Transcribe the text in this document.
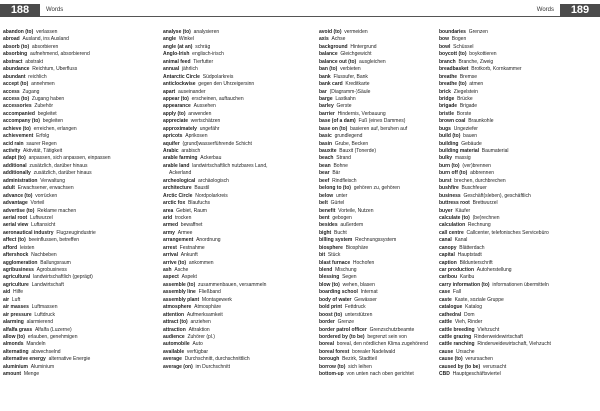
188	Words
abandon (to) verlassen
abroad Ausland, ins Ausland
absorb (to) absorbieren
absorbing aufnehmend, absorbierend
abstract abstrakt
abundance Reichtum, Überfluss
abundant reichlich
accept (to) annehmen
access Zugang
access (to) Zugang haben
accessories Zubehör
accompanied begleitet
accompany (to) begleiten
achieve (to) erreichen, erlangen
achievement Erfolg
acid rain saurer Regen
activity Aktivität, Tätigkeit
adapt (to) anpassen, sich anpassen, einpassen
additional zusätzlich, darüber hinaus
additionally zusätzlich, darüber hinaus
administration Verwaltung
adult Erwachsener, erwachsen
advance (to) vorrücken
advantage Vorteil
advertise (to) Reklame machen
aerial root Luftwurzel
aerial view Luftansicht
aeronautical industry Flugzeugindustrie
affect (to) beeinflussen, betreffen
afford leisten
aftershock Nachbeben
agglomeration Ballungsraum
agribusiness Agrobusiness
agricultural landwirtschaftlich (geprägt)
agriculture Landwirtschaft
aid Hilfe
air Luft
air masses Luftmassen
air pressure Luftdruck
alarming alarmierend
alfalfa grass Alfalfa (Luzerne)
allow (to) erlauben, genehmigen
almonds Mandeln
alternating abwechselnd
alternative energy alternative Energie
aluminium Aluminium
amount Menge
analyse (to) analysieren
angle Winkel
angle (at an) schräg
Anglo-Irish englisch-irisch
animal feed Tierfutter
annual jährlich
Antarctic Circle Südpolarkreis
anticlockwise gegen den Uhrzeigersinn
apart auseinander
appear (to) erscheinen, auftauchen
appearance Aussehen
apply (to) anwenden
appreciate wertschätzen
approximately ungefähr
apricots Aprikosen
aquifer (grund)wasserführende Schicht
Arabic arabisch
arable farming Ackerbau
arable land landwirtschaftlich nutzbares Land,
Ackerland
archeological archäologisch
architecture Baustil
Arctic Circle Nordpolarkreis
arctic fox Blaufuchs
area Gebiet, Raum
arid trocken
armed bewaffnet
army Armee
arrangement Anordnung
arrest Festnahme
arrival Ankunft
arrive (to) ankommen
ash Asche
aspect Aspekt
assemble (to) zusammenbauen, versammeln
assembly line Fließband
assembly plant Montagewerk
atmosphere Atmosphäre
attention Aufmerksamkeit
attract (to) anziehen
attraction Attraktion
audience Zuhörer (pl.)
automobile Auto
available verfügbar
average Durchschnitt, durchschnittlich
average (on) im Durchschnitt
189
Words
avoid (to) vermeiden
axis Achse
background Hintergrund
balance Gleichgewicht
balance out (to) ausgleichen
ban (to) verbieten
bank Flussufer, Bank
bank card Kreditkarte
bar (Diagramm-)Säule
barge Lastkahn
barley Gerste
barrier Hindernis, Verbauung
base (of a dam) Fuß (eines Dammes)
base on (to) basieren auf, beruhen auf
basic grundlegend
basin Grube, Becken
bauxite Bauxit (Tonerde)
beach Strand
bean Bohne
bear Bär
beef Rindfleisch
belong to (to) gehören zu, gehören
below unter
belt Gürtel
benefit Vorteile, Nutzen
bent gebogen
besides außerdem
bight Bucht
billing system Rechnungssystem
biosphere Biosphäre
bit Stück
blast furnace Hochofen
blend Mischung
blessing Segen
blow (to) wehen, blasen
boarding school Internat
body of water Gewässer
bold print Fettdruck
boost (to) unterstützen
border Grenze
border patrol officer Grenzschutzbeamte
bordered by (to be) begrenzt sein von
boreal boreal, den nördlichen Klima zugehörend
boreal forest borealer Nadelwald
borough Bezirk, Stadtteil
borrow (to) sich leihen
bottom-up von unten nach oben gerichtet
boundaries Grenzen
bow Bogen
bowl Schüssel
boycott (to) boykottieren
branch Branche, Zweig
breadbasket Brotkorb, Kornkammer
breathe Bremse
breathe (to) atmen
brick Ziegelstein
bridge Brücke
brigade Brigade
bristle Borste
brown coal Braunkohle
bugs Ungeziefer
build (to) bauen
building Gebäude
building material Baumaterial
bulky massig
burn (to) (ver)brennen
burn off (to) abbrennen
burst brechen, durchbrechen
bushfire Buschfeuer
business Geschäft(sleben), geschäftlich
buttress root Brettwurzel
buyer Käufer
calculate (to) (be)rechnen
calculation Rechnung
call centre Callcenter, telefonisches Servicebüro
canal Kanal
canopy Blätterdach
capital Hauptstadt
caption Bildunterschrift
car production Autoherstellung
caribou Karibu
carry information (to) informationen übermitteln
case Fall
caste Kaste, soziale Gruppe
catalogue Katalog
cathedral Dom
cattle Vieh, Rinder
cattle breeding Viehzucht
cattle grazing Rinderweidewirtschaft
cattle ranching Rinderweidewirtschaft, Viehzucht
cause Ursache
cause (to) verursachen
caused by (to be) verursacht
CBD Hauptgeschäftsviertel
